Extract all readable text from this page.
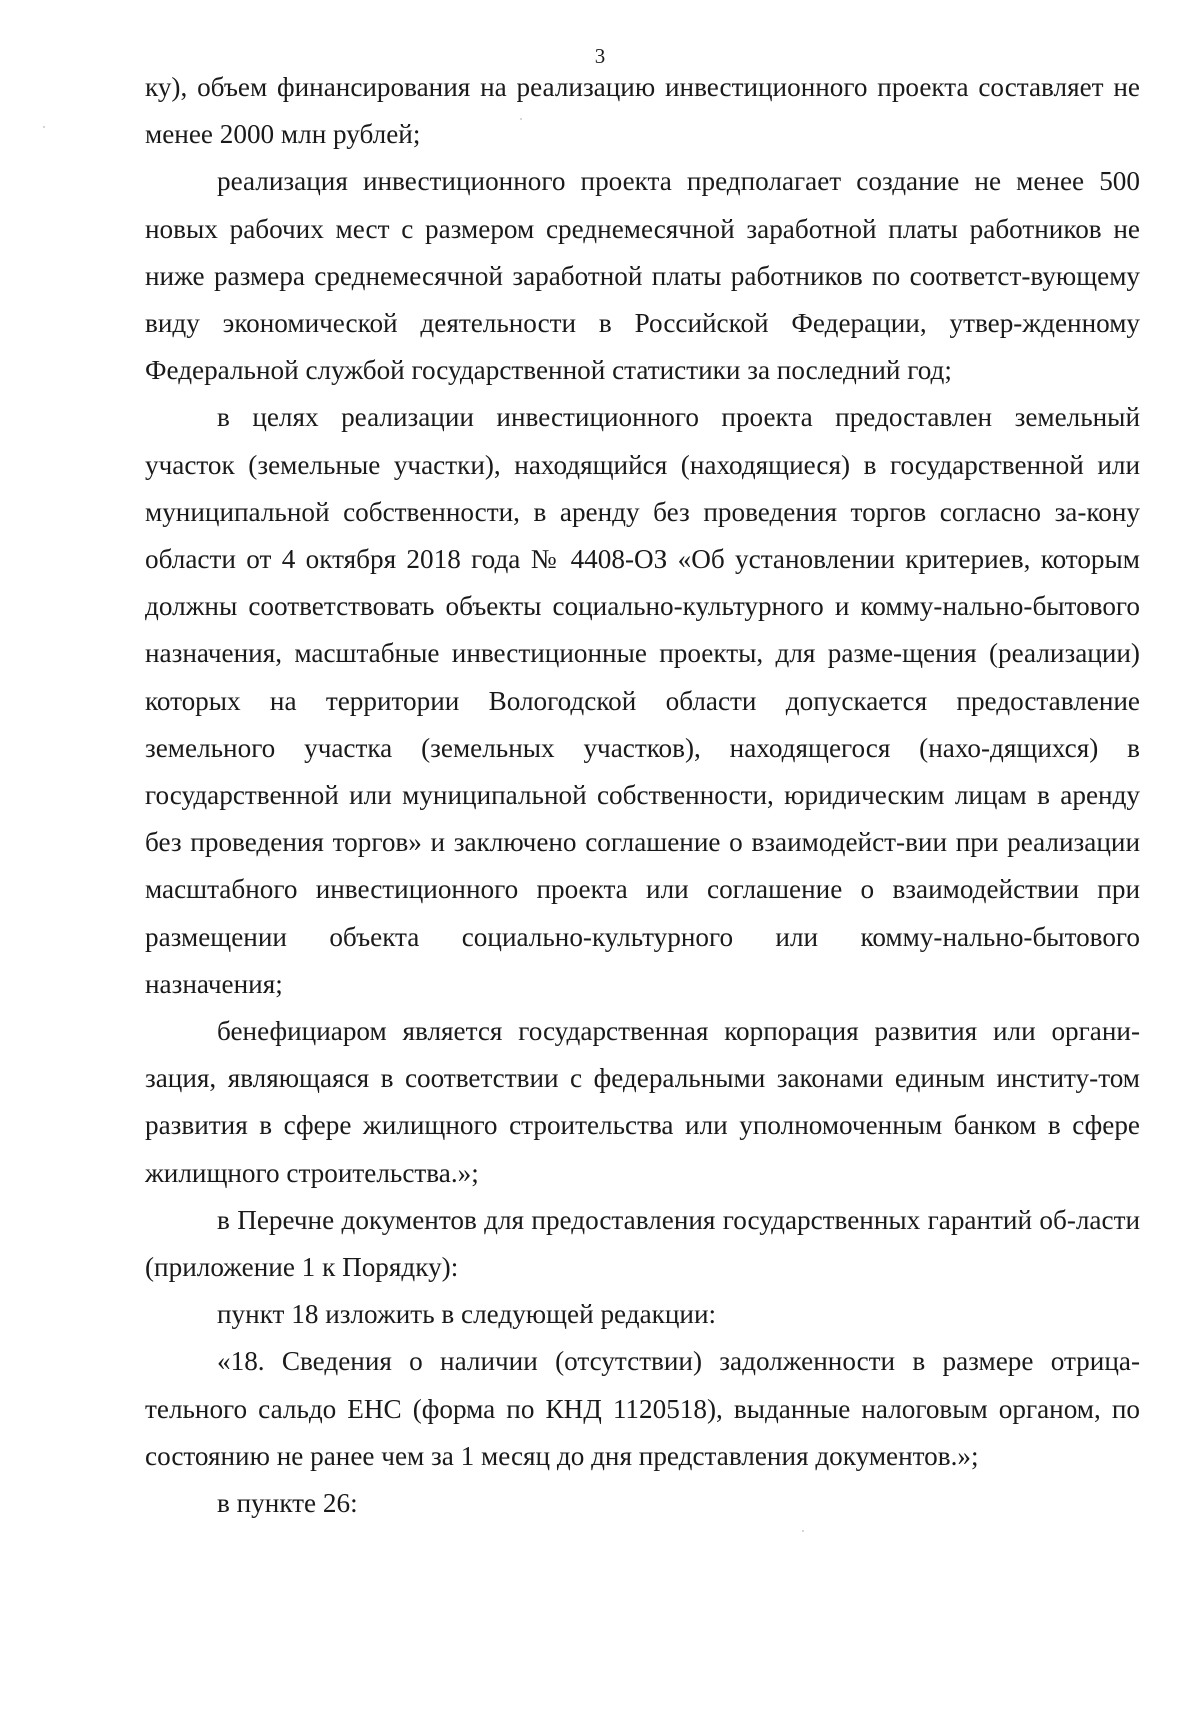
3

ку), объем финансирования на реализацию инвестиционного проекта составляет не менее 2000 млн рублей;

реализация инвестиционного проекта предполагает создание не менее 500 новых рабочих мест с размером среднемесячной заработной платы работников не ниже размера среднемесячной заработной платы работников по соответст-вующему виду экономической деятельности в Российской Федерации, утвер-жденному Федеральной службой государственной статистики за последний год;

в целях реализации инвестиционного проекта предоставлен земельный участок (земельные участки), находящийся (находящиеся) в государственной или муниципальной собственности, в аренду без проведения торгов согласно за-кону области от 4 октября 2018 года № 4408-ОЗ «Об установлении критериев, которым должны соответствовать объекты социально-культурного и комму-нально-бытового назначения, масштабные инвестиционные проекты, для разме-щения (реализации) которых на территории Вологодской области допускается предоставление земельного участка (земельных участков), находящегося (нахо-дящихся) в государственной или муниципальной собственности, юридическим лицам в аренду без проведения торгов» и заключено соглашение о взаимодейст-вии при реализации масштабного инвестиционного проекта или соглашение о взаимодействии при размещении объекта социально-культурного или комму-нально-бытового назначения;

бенефициаром является государственная корпорация развития или органи-зация, являющаяся в соответствии с федеральными законами единым институ-том развития в сфере жилищного строительства или уполномоченным банком в сфере жилищного строительства.»;

в Перечне документов для предоставления государственных гарантий об-ласти (приложение 1 к Порядку):

пункт 18 изложить в следующей редакции:

«18. Сведения о наличии (отсутствии) задолженности в размере отрица-тельного сальдо ЕНС (форма по КНД 1120518), выданные налоговым органом, по состоянию не ранее чем за 1 месяц до дня представления документов.»;

в пункте 26:
